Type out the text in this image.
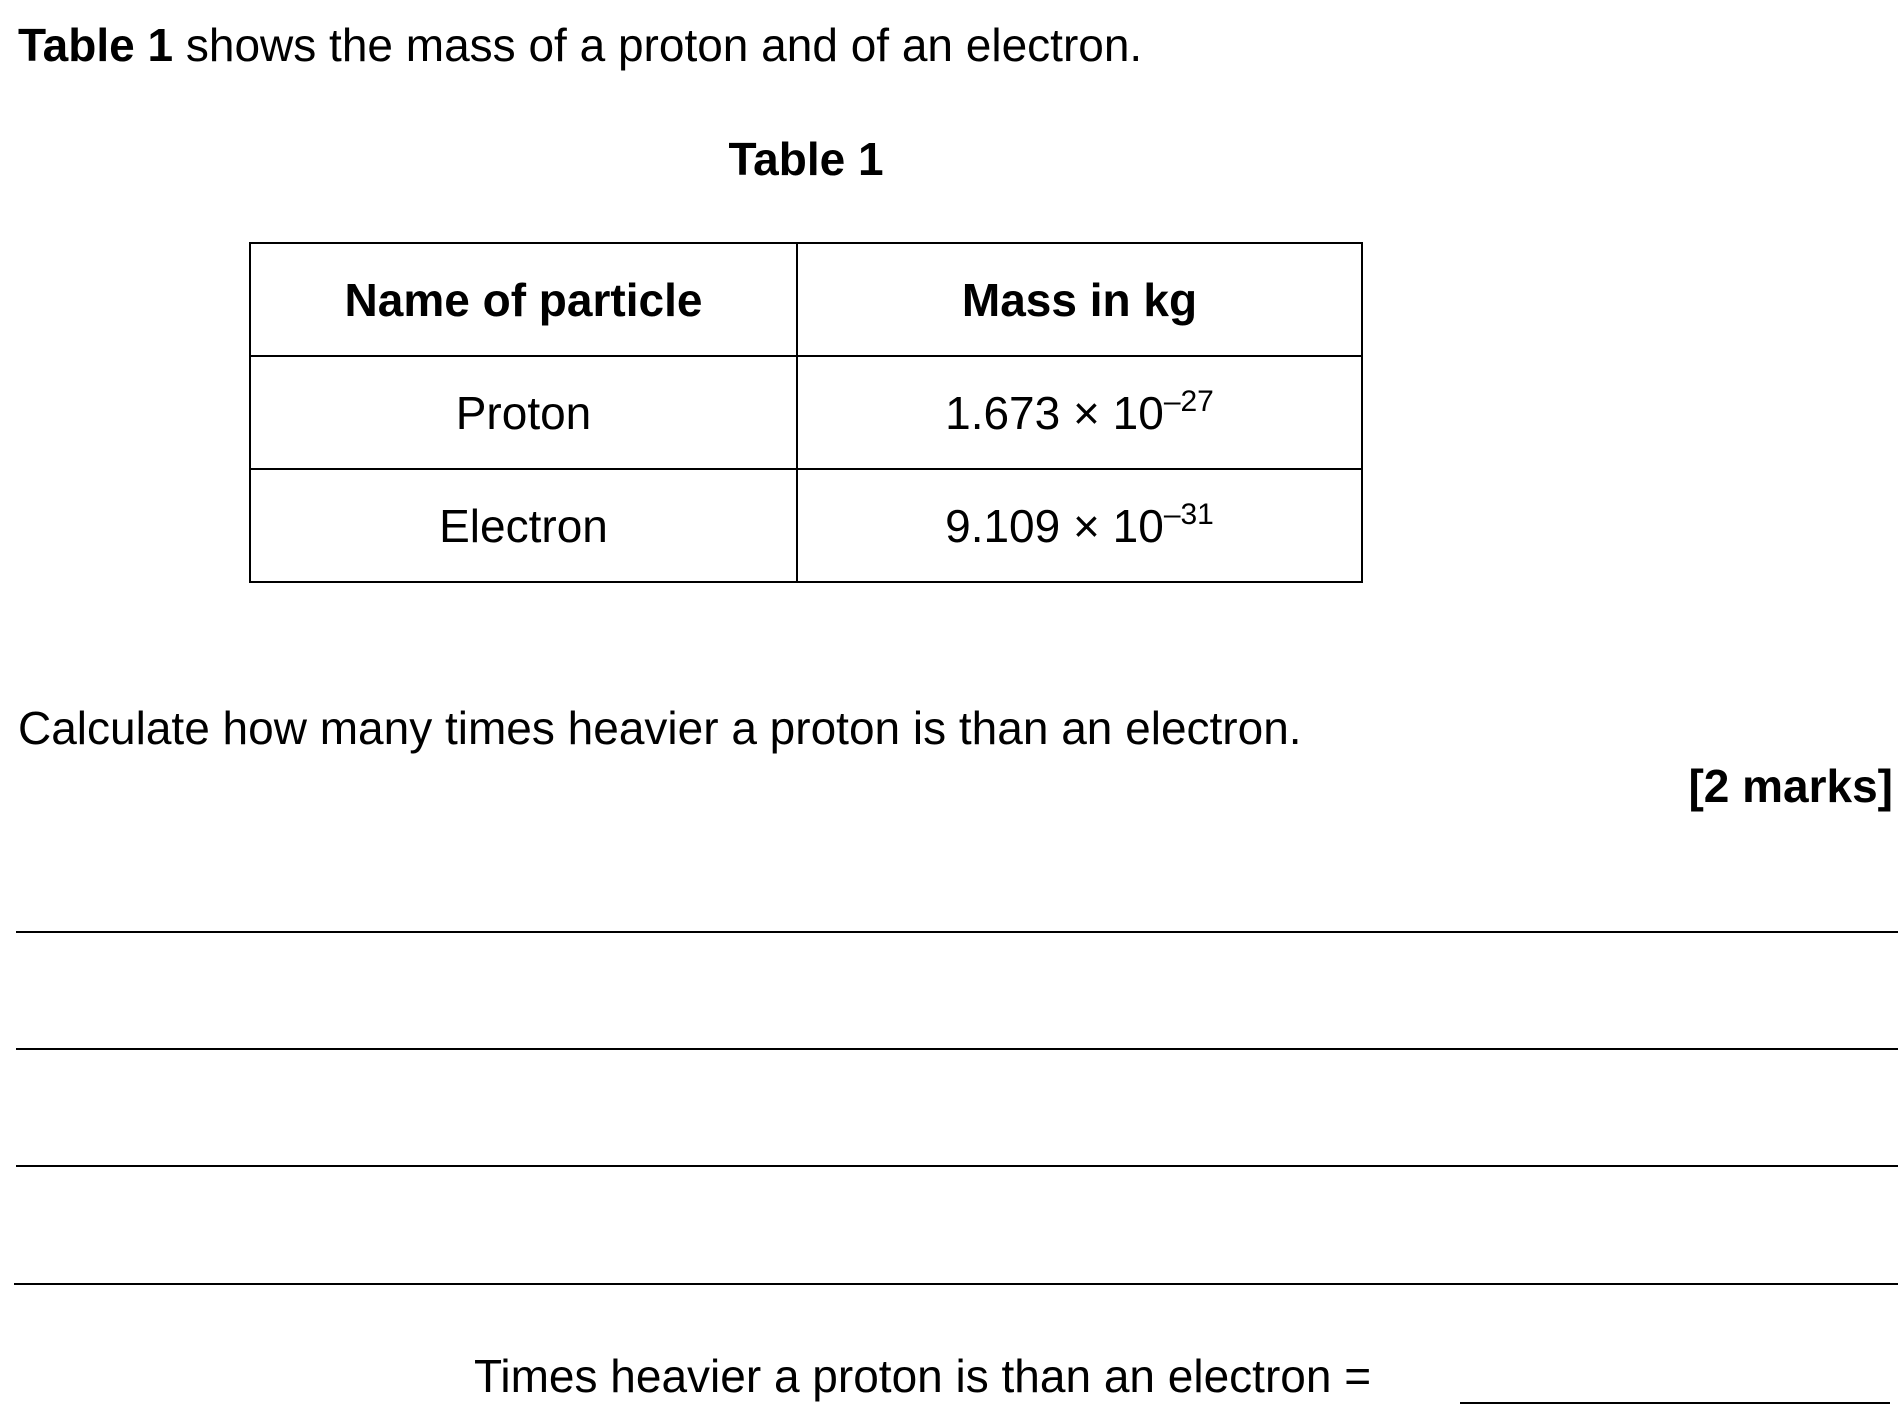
Table 1 shows the mass of a proton and of an electron.
Table 1
Name of particle	Mass in kg
Proton	$1.673 \times 10^{-27}$
Electron	$9.109 \times 10^{-31}$
Calculate how many times heavier a proton is than an electron.
[2 marks]
Times heavier a proton is than an electron =
